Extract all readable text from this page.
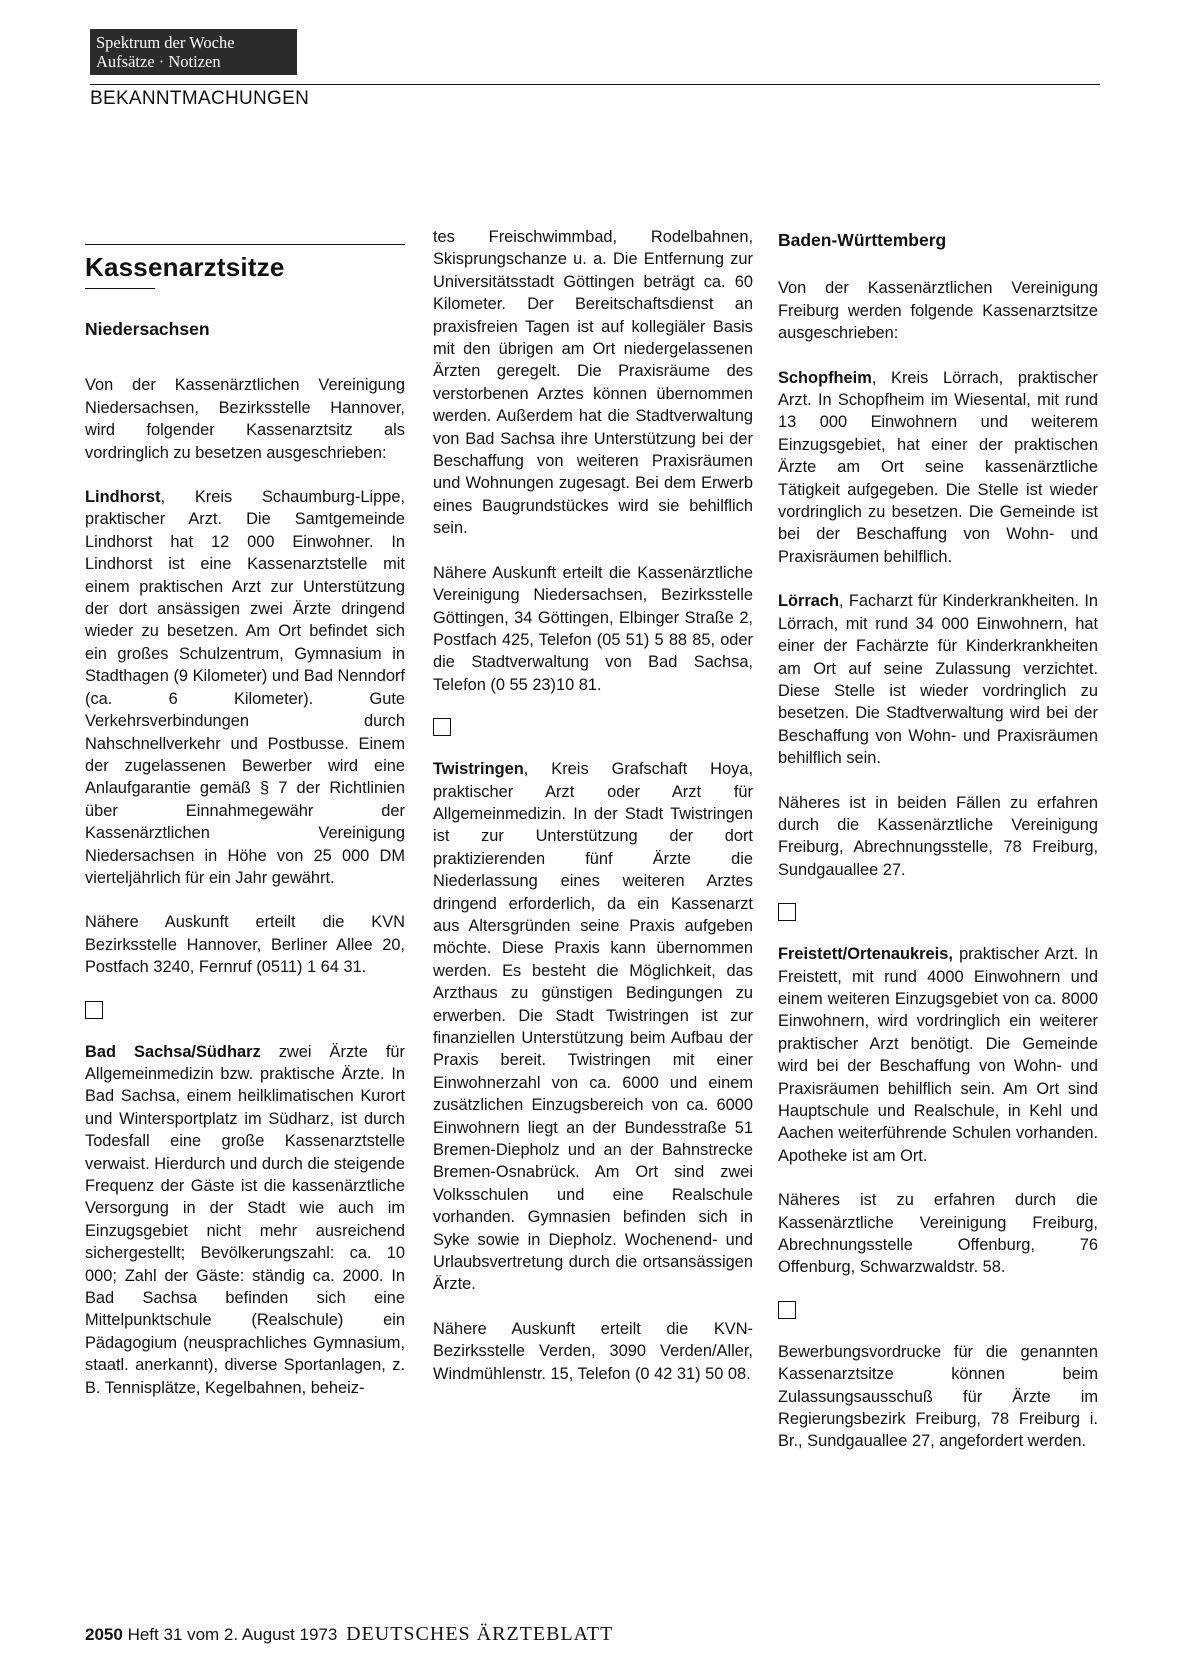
Spektrum der Woche
Aufsätze · Notizen
BEKANNTMACHUNGEN
Kassenarztsitze

Niedersachsen

Von der Kassenärztlichen Vereinigung Niedersachsen, Bezirksstelle Hannover, wird folgender Kassenarztsitz als vordringlich zu besetzen ausgeschrieben:

Lindhorst, Kreis Schaumburg-Lippe, praktischer Arzt. Die Samtgemeinde Lindhorst hat 12 000 Einwohner. In Lindhorst ist eine Kassenarztstelle mit einem praktischen Arzt zur Unterstützung der dort ansässigen zwei Ärzte dringend wieder zu besetzen. Am Ort befindet sich ein großes Schulzentrum, Gymnasium in Stadthagen (9 Kilometer) und Bad Nenndorf (ca. 6 Kilometer). Gute Verkehrsverbindungen durch Nahschnellverkehr und Postbusse. Einem der zugelassenen Bewerber wird eine Anlaufgarantie gemäß § 7 der Richtlinien über Einnahmegewähr der Kassenärztlichen Vereinigung Niedersachsen in Höhe von 25 000 DM vierteljährlich für ein Jahr gewährt.

Nähere Auskunft erteilt die KVN Bezirksstelle Hannover, Berliner Allee 20, Postfach 3240, Fernruf (0511) 1 64 31.

Bad Sachsa/Südharz zwei Ärzte für Allgemeinmedizin bzw. praktische Ärzte. In Bad Sachsa, einem heilklimatischen Kurort und Wintersportplatz im Südharz, ist durch Todesfall eine große Kassenarztstelle verwaist. Hierdurch und durch die steigende Frequenz der Gäste ist die kassenärztliche Versorgung in der Stadt wie auch im Einzugsgebiet nicht mehr ausreichend sichergestellt; Bevölkerungszahl: ca. 10 000; Zahl der Gäste: ständig ca. 2000. In Bad Sachsa befinden sich eine Mittelpunktschule (Realschule) ein Pädagogium (neusprachliches Gymnasium, staatl. anerkannt), diverse Sportanlagen, z. B. Tennisplätze, Kegelbahnen, beheiz-

tes Freischwimmbad, Rodelbahnen, Skisprungschanze u. a. Die Entfernung zur Universitätsstadt Göttingen beträgt ca. 60 Kilometer. Der Bereitschaftsdienst an praxisfreien Tagen ist auf kollegiäler Basis mit den übrigen am Ort niedergelassenen Ärzten geregelt. Die Praxisräume des verstorbenen Arztes können übernommen werden. Außerdem hat die Stadtverwaltung von Bad Sachsa ihre Unterstützung bei der Beschaffung von weiteren Praxisräumen und Wohnungen zugesagt. Bei dem Erwerb eines Baugrundstückes wird sie behilflich sein.

Nähere Auskunft erteilt die Kassenärztliche Vereinigung Niedersachsen, Bezirksstelle Göttingen, 34 Göttingen, Elbinger Straße 2, Postfach 425, Telefon (05 51) 5 88 85, oder die Stadtverwaltung von Bad Sachsa, Telefon (0 55 23)10 81.

Twistringen, Kreis Grafschaft Hoya, praktischer Arzt oder Arzt für Allgemeinmedizin. In der Stadt Twistringen ist zur Unterstützung der dort praktizierenden fünf Ärzte die Niederlassung eines weiteren Arztes dringend erforderlich, da ein Kassenarzt aus Altersgründen seine Praxis aufgeben möchte. Diese Praxis kann übernommen werden. Es besteht die Möglichkeit, das Arzthaus zu günstigen Bedingungen zu erwerben. Die Stadt Twistringen ist zur finanziellen Unterstützung beim Aufbau der Praxis bereit. Twistringen mit einer Einwohnerzahl von ca. 6000 und einem zusätzlichen Einzugsbereich von ca. 6000 Einwohnern liegt an der Bundesstraße 51 Bremen-Diepholz und an der Bahnstrecke Bremen-Osnabrück. Am Ort sind zwei Volksschulen und eine Realschule vorhanden. Gymnasien befinden sich in Syke sowie in Diepholz. Wochenend- und Urlaubsvertretung durch die ortsansässigen Ärzte.

Nähere Auskunft erteilt die KVN-Bezirksstelle Verden, 3090 Verden/Aller, Windmühlenstr. 15, Telefon (0 42 31) 50 08.

Baden-Württemberg

Von der Kassenärztlichen Vereinigung Freiburg werden folgende Kassenarztsitze ausgeschrieben:

Schopfheim, Kreis Lörrach, praktischer Arzt. In Schopfheim im Wiesental, mit rund 13 000 Einwohnern und weiterem Einzugsgebiet, hat einer der praktischen Ärzte am Ort seine kassenärztliche Tätigkeit aufgegeben. Die Stelle ist wieder vordringlich zu besetzen. Die Gemeinde ist bei der Beschaffung von Wohn- und Praxisräumen behilflich.

Lörrach, Facharzt für Kinderkrankheiten. In Lörrach, mit rund 34 000 Einwohnern, hat einer der Fachärzte für Kinderkrankheiten am Ort auf seine Zulassung verzichtet. Diese Stelle ist wieder vordringlich zu besetzen. Die Stadtverwaltung wird bei der Beschaffung von Wohn- und Praxisräumen behilflich sein.

Näheres ist in beiden Fällen zu erfahren durch die Kassenärztliche Vereinigung Freiburg, Abrechnungsstelle, 78 Freiburg, Sundgauallee 27.

Freistett/Ortenaukreis, praktischer Arzt. In Freistett, mit rund 4000 Einwohnern und einem weiteren Einzugsgebiet von ca. 8000 Einwohnern, wird vordringlich ein weiterer praktischer Arzt benötigt. Die Gemeinde wird bei der Beschaffung von Wohn- und Praxisräumen behilflich sein. Am Ort sind Hauptschule und Realschule, in Kehl und Aachen weiterführende Schulen vorhanden. Apotheke ist am Ort.

Näheres ist zu erfahren durch die Kassenärztliche Vereinigung Freiburg, Abrechnungsstelle Offenburg, 76 Offenburg, Schwarzwaldstr. 58.

Bewerbungsvordrucke für die genannten Kassenarztsitze können beim Zulassungsausschuß für Ärzte im Regierungsbezirk Freiburg, 78 Freiburg i. Br., Sundgauallee 27, angefordert werden.

2050 Heft 31 vom 2. August 1973 DEUTSCHES ÄRZTEBLATT
